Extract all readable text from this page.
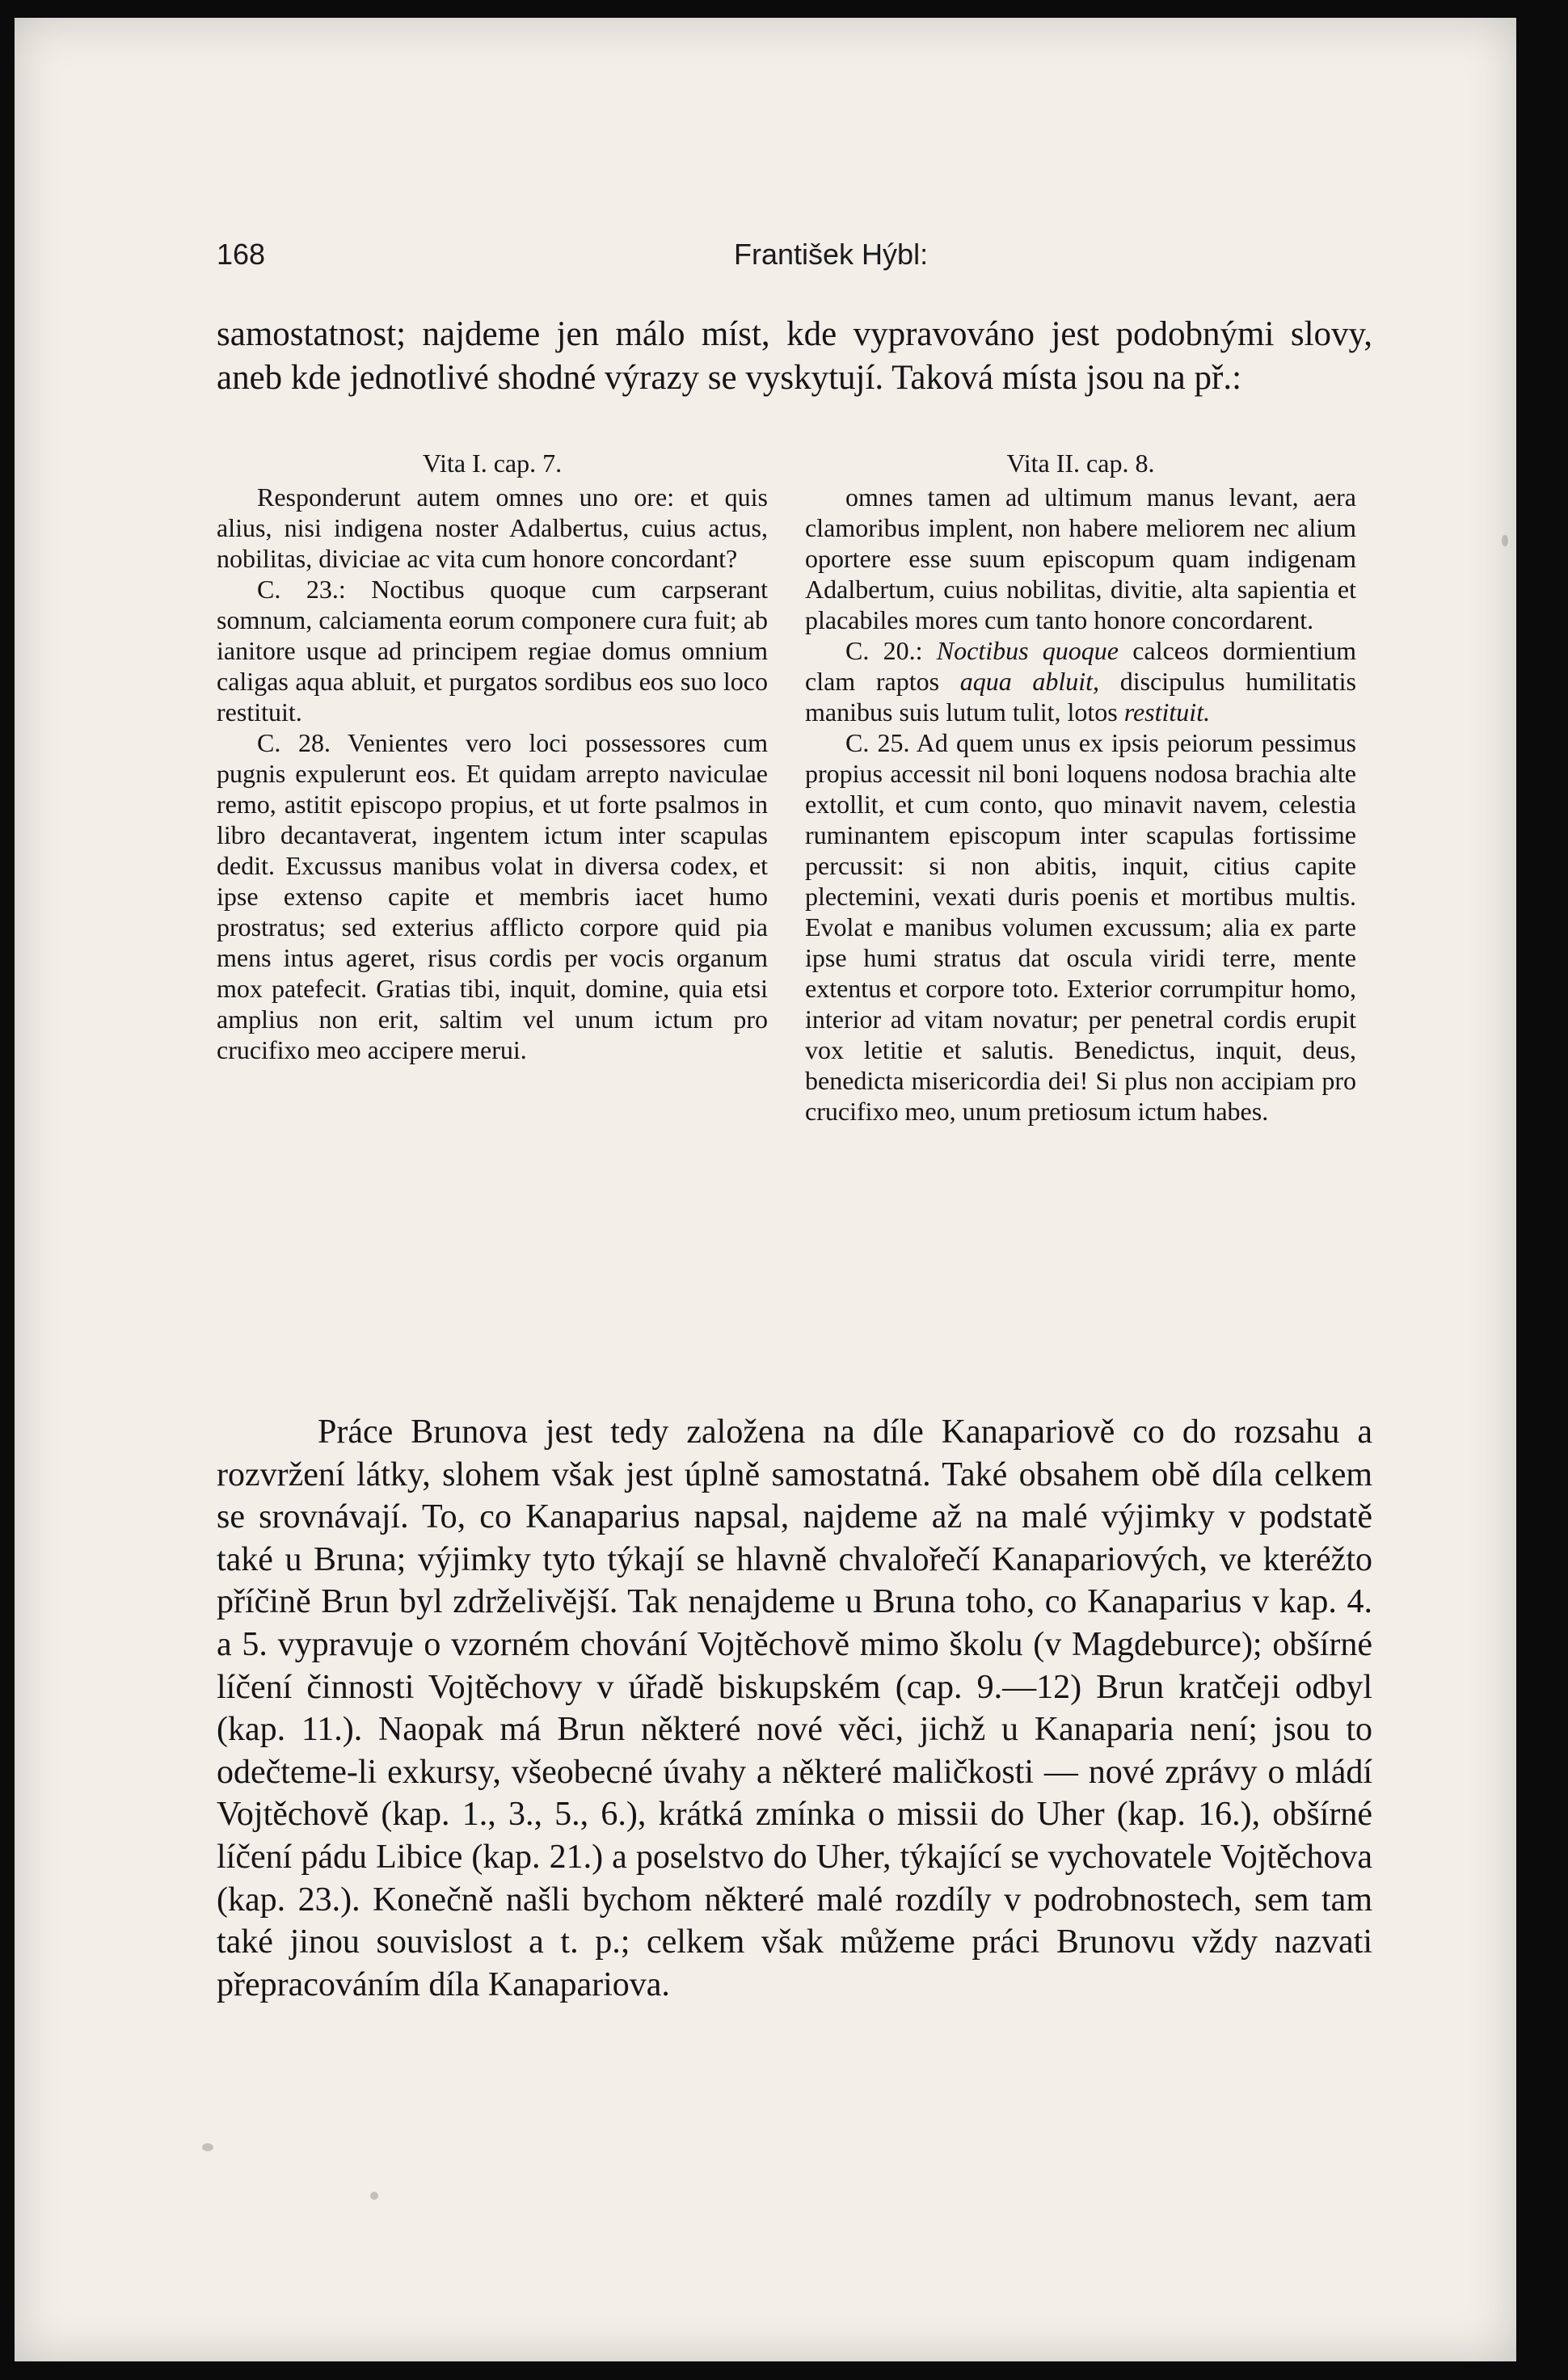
168	František Hýbl:
samostatnost; najdeme jen málo míst, kde vypravováno jest podobnými slovy, aneb kde jednotlivé shodné výrazy se vyskytují. Taková místa jsou na př.:
Vita I. cap. 7.

Responderunt autem omnes uno ore: et quis alius, nisi indigena noster Adalbertus, cuius actus, nobilitas, diviciae ac vita cum honore concordant?

C. 23.: Noctibus quoque cum carpserant somnum, calciamenta eorum componere cura fuit; ab ianitore usque ad principem regiae domus omnium caligas aqua abluit, et purgatos sordibus eos suo loco restituit.

C. 28. Venientes vero loci possessores cum pugnis expulerunt eos. Et quidam arrepto naviculae remo, astitit episcopo propius, et ut forte psalmos in libro decantaverat, ingentem ictum inter scapulas dedit. Excussus manibus volat in diversa codex, et ipse extenso capite et membris iacet humo prostratus; sed exterius afflicto corpore quid pia mens intus ageret, risus cordis per vocis organum mox patefecit. Gratias tibi, inquit, domine, quia etsi amplius non erit, saltim vel unum ictum pro crucifixo meo accipere merui.

Vita II. cap. 8.

omnes tamen ad ultimum manus levant, aera clamoribus implent, non habere meliorem nec alium oportere esse suum episcopum quam indigenam Adalbertum, cuius nobilitas, divitie, alta sapientia et placabiles mores cum tanto honore concordarent.

C. 20.: Noctibus quoque calceos dormientium clam raptos aqua abluit, discipulus humilitatis manibus suis lutum tulit, lotos restituit.

C. 25. Ad quem unus ex ipsis peiorum pessimus propius accessit nil boni loquens nodosa brachia alte extollit, et cum conto, quo minavit navem, celestia ruminantem episcopum inter scapulas fortissime percussit: si non abitis, inquit, citius capite plectemini, vexati duris poenis et mortibus multis. Evolat e manibus volumen excussum; alia ex parte ipse humi stratus dat oscula viridi terre, mente extentus et corpore toto. Exterior corrumpitur homo, interior ad vitam novatur; per penetral cordis erupit vox letitie et salutis. Benedictus, inquit, deus, benedicta misericordia dei! Si plus non accipiam pro crucifixo meo, unum pretiosum ictum habes.

Práce Brunova jest tedy založena na díle Kanapariově co do rozsahu a rozvržení látky, slohem však jest úplně samostatná. Také obsahem obě díla celkem se srovnávají. To, co Kanaparius napsal, najdeme až na malé výjimky v podstatě také u Bruna; výjimky tyto týkají se hlavně chvalořečí Kanapariových, ve kteréžto příčině Brun byl zdrželivější. Tak nenajdeme u Bruna toho, co Kanaparius v kap. 4. a 5. vypravuje o vzorném chování Vojtěchově mimo školu (v Magdeburce); obšírné líčení činnosti Vojtěchovy v úřadě biskupském (cap. 9.—12) Brun kratčeji odbyl (kap. 11.). Naopak má Brun některé nové věci, jichž u Kanaparia není; jsou to odečteme-li exkursy, všeobecné úvahy a některé maličkosti — nové zprávy o mládí Vojtěchově (kap. 1., 3., 5., 6.), krátká zmínka o missii do Uher (kap. 16.), obšírné líčení pádu Libice (kap. 21.) a poselstvo do Uher, týkající se vychovatele Vojtěchova (kap. 23.). Konečně našli bychom některé malé rozdíly v podrobnostech, sem tam také jinou souvislost a t. p.; celkem však můžeme práci Brunovu vždy nazvati přepracováním díla Kanapariova.
